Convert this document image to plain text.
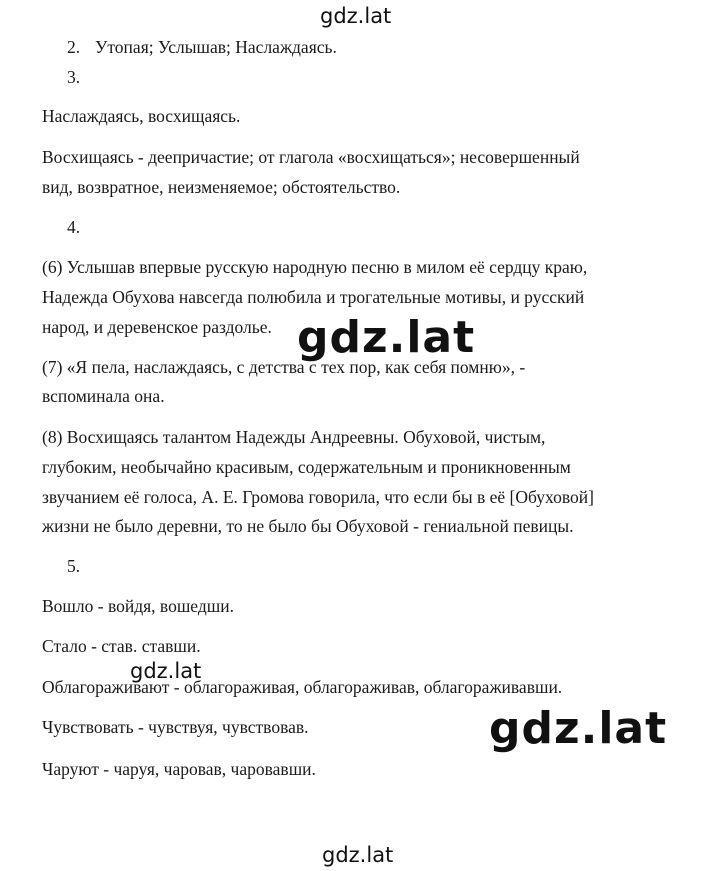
gdz.lat
2. Утопая; Услышав; Наслаждаясь.
3.
Наслаждаясь, восхищаясь.
Восхищаясь - деепричастие; от глагола «восхищаться»; несовершенный
вид, возвратное, неизменяемое; обстоятельство.
4.
(6) Услышав впервые русскую народную песню в милом её сердцу краю,
Надежда Обухова навсегда полюбила и трогательные мотивы, и русский
народ, и деревенское раздолье.
(7) «Я пела, наслаждаясь, с детства с тех пор, как себя помню», -
вспоминала она.
(8) Восхищаясь талантом Надежды Андреевны. Обуховой, чистым,
глубоким, необычайно красивым, содержательным и проникновенным
звучанием её голоса, А. Е. Громова говорила, что если бы в её [Обуховой]
жизни не было деревни, то не было бы Обуховой - гениальной певицы.
5.
Вошло - войдя, вошедши.
Стало - став. ставши.
Облагораживают - облагораживая, облагораживав, облагораживавши.
Чувствовать - чувствуя, чувствовав.
Чаруют - чаруя, чаровав, чаровавши.
gdz.lat
gdz.lat
gdz.lat
gdz.lat
